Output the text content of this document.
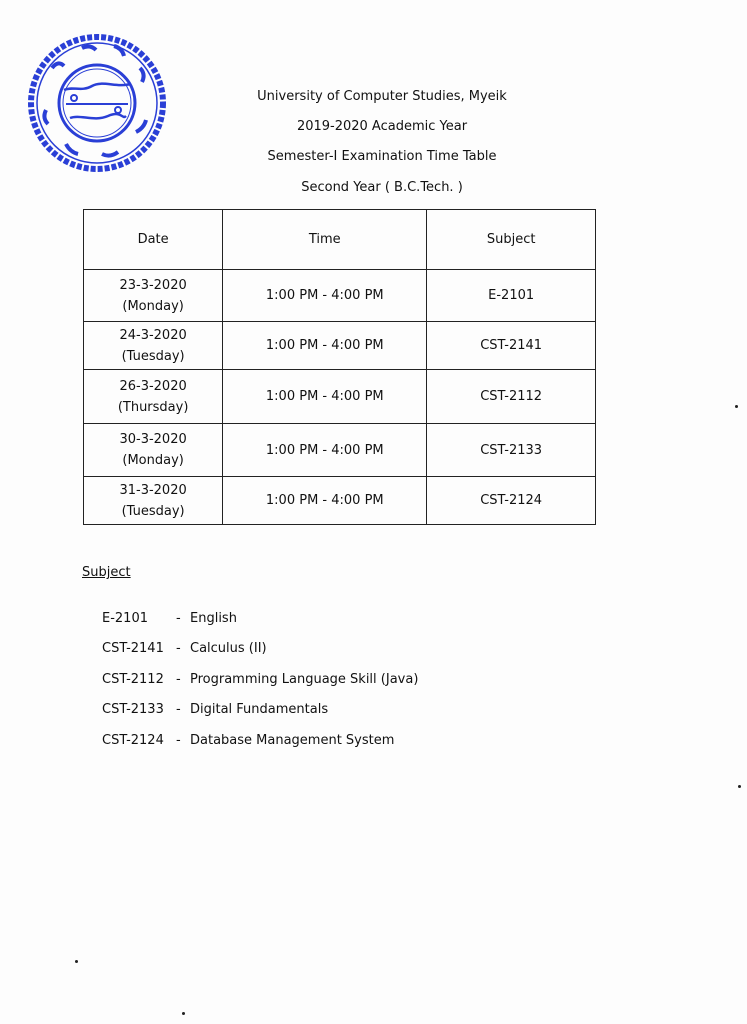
University of Computer Studies, Myeik
2019-2020 Academic Year
Semester-I Examination Time Table
Second Year ( B.C.Tech. )
Date	Time	Subject

23-3-2020
(Monday)	1:00 PM - 4:00 PM	E-2101

24-3-2020
(Tuesday)	1:00 PM - 4:00 PM	CST-2141

26-3-2020
(Thursday)	1:00 PM - 4:00 PM	CST-2112

30-3-2020
(Monday)	1:00 PM - 4:00 PM	CST-2133

31-3-2020
(Tuesday)	1:00 PM - 4:00 PM	CST-2124
Subject
E-2101	- English
CST-2141 - Calculus (II)
CST-2112 - Programming Language Skill (Java)
CST-2133 - Digital Fundamentals
CST-2124 - Database Management System
